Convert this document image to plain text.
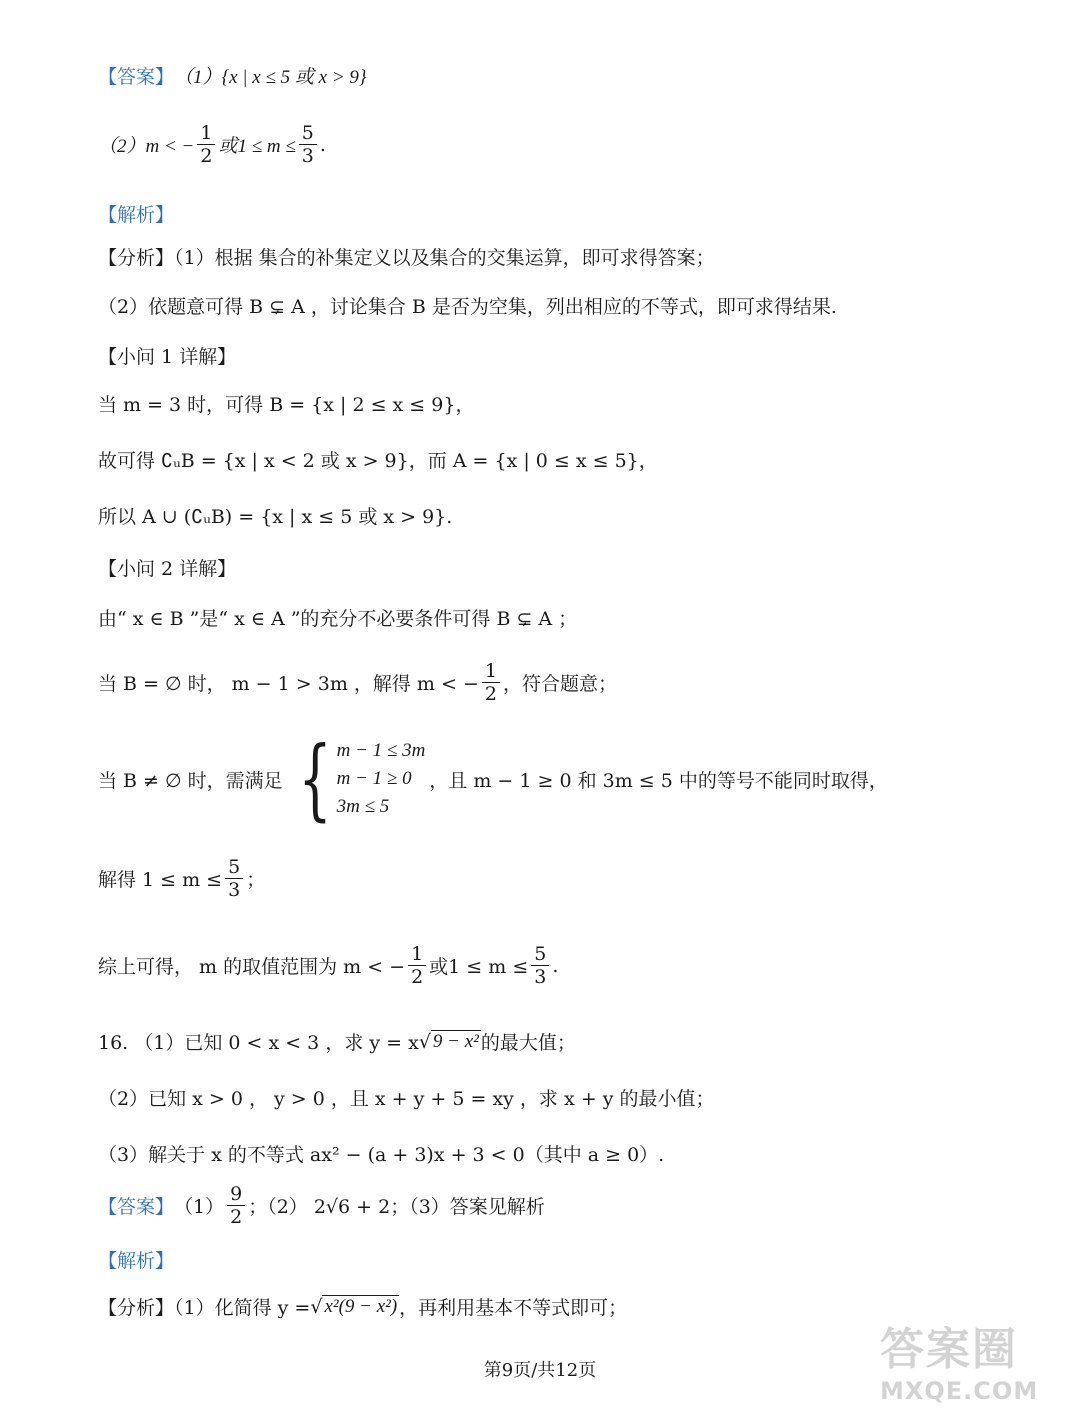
【答案】 （1）{x | x ≤ 5 或 x > 9}
（2）m < − $\frac{1}{2}$ 或$1 \le m \le \frac{5}{3}$ .
【解析】
【分析】（1）根据 集合的补集定义以及集合的交集运算，即可求得答案；
（2）依题意可得 B ⊊ A ，讨论集合 B 是否为空集，列出相应的不等式，即可求得结果.
【小问 1 详解】
当 m = 3 时，可得 B = {x | 2 ≤ x ≤ 9}，
故可得 ∁ᵤB = {x | x < 2 或 x > 9}，而 A = {x | 0 ≤ x ≤ 5}，
所以 A ∪ (∁ᵤB) = {x | x ≤ 5 或 x > 9}.
【小问 2 详解】
由“ x ∈ B ”是“ x ∈ A ”的充分不必要条件可得 B ⊊ A ；
当 B = ∅ 时， m − 1 > 3m ，解得 m < − $\frac{1}{2}$ ，符合题意；
当 B ≠ ∅ 时，需满足 { m − 1 ≤ 3m
m − 1 ≥ 0
3m ≤ 5
，且 m − 1 ≥ 0 和 3m ≤ 5 中的等号不能同时取得，
解得 $1 \le m \le \frac{5}{3}$ ；
综上可得， m 的取值范围为 m < − $\frac{1}{2}$ 或$1 \le m \le \frac{5}{3}$ .
16. （1）已知 0 < x < 3 ，求 y = x √ 9 − x² 的最大值；
（2）已知 x > 0 ， y > 0 ，且 x + y + 5 = xy ，求 x + y 的最小值；
（3）解关于 x 的不等式 ax² − (a + 3)x + 3 < 0（其中 a ≥ 0）.
【答案】 $(1) \frac{9}{2}$ ；（2） 2√6 + 2；（3）答案见解析
【解析】
【分析】（1）化简得 y = √ x²(9 − x²) ，再利用基本不等式即可；
第9页/共12页	答案圈
MXQE.COM
